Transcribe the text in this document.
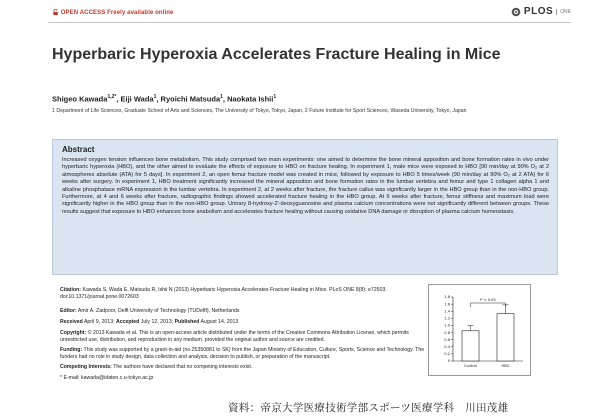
OPEN ACCESS Freely available online	PLOS	ONE
Hyperbaric Hyperoxia Accelerates Fracture Healing in Mice
Shigeo Kawada$^{1,2*}$, Eiji Wada$^1$, Ryoichi Matsuda$^1$, Naokata Ishii$^1$
1 Department of Life Sciences, Graduate School of Arts and Sciences, The University of Tokyo, Tokyo, Japan, 2 Future Institute for Sport Sciences, Waseda University, Tokyo, Japan
Abstract
Increased oxygen tension influences bone metabolism. This study comprised two main experiments: one aimed to determine the bone mineral apposition and bone formation rates in vivo under hyperbaric hyperoxia (HBO), and the other aimed to evaluate the effects of exposure to HBO on fracture healing. In experiment 1, male mice were exposed to HBO [90 min/day at 90% O₂ at 2 atmospheres absolute (ATA) for 5 days]. In experiment 2, an open femur fracture model was created in mice, followed by exposure to HBO 5 times/week (90 min/day at 90% O₂ at 2 ATA) for 6 weeks after surgery. In experiment 1, HBO treatment significantly increased the mineral apposition and bone formation rates in the lumbar vertebra and femur and type 1 collagen alpha 1 and alkaline phosphatase mRNA expression in the lumbar vertebra. In experiment 2, at 2 weeks after fracture, the fracture callus was significantly larger in the HBO group than in the non-HBO group. Furthermore, at 4 and 6 weeks after fracture, radiographic findings showed accelerated fracture healing in the HBO group. At 6 weeks after fracture, femur stiffness and maximum load were significantly higher in the HBO group than in the non-HBO group. Urinary 8-hydroxy-2′-deoxyguanosine and plasma calcium concentrations were not significantly different between groups. These results suggest that exposure to HBO enhances bone anabolism and accelerates fracture healing without causing oxidative DNA damage or disruption of plasma calcium homeostasis.
Citation: Kawada S, Wada E, Matsuda R, Ishii N (2013) Hyperbaric Hyperoxia Accelerates Fracture Healing in Mice. PLoS ONE 8(8): e72603. doi:10.1371/journal.pone.0072603
Editor: Amir A. Zadpoor, Delft University of Technology (TUDelft), Netherlands
Received April 9, 2013; Accepted July 12, 2013; Published August 14, 2013
Copyright: © 2013 Kawada et al. This is an open-access article distributed under the terms of the Creative Commons Attribution License, which permits unrestricted use, distribution, and reproduction in any medium, provided the original author and source are credited.
Funding: This study was supported by a grant-in-aid (no.25350881 to SK) from the Japan Ministry of Education, Culture, Sports, Science and Technology. The funders had no role in study design, data collection and analysis, decision to publish, or preparation of the manuscript.
Competing Interests: The authors have declared that no competing interests exist.
* E-mail: kawada@idaten.c.u-tokyo.ac.jp
0
0.2
0.4
0.6
0.8
1.0
1.2
1.4
1.6
1.8
Control	HBO
P < 0.05
資料：帝京大学医療技術学部スポーツ医療学科　川田茂雄
